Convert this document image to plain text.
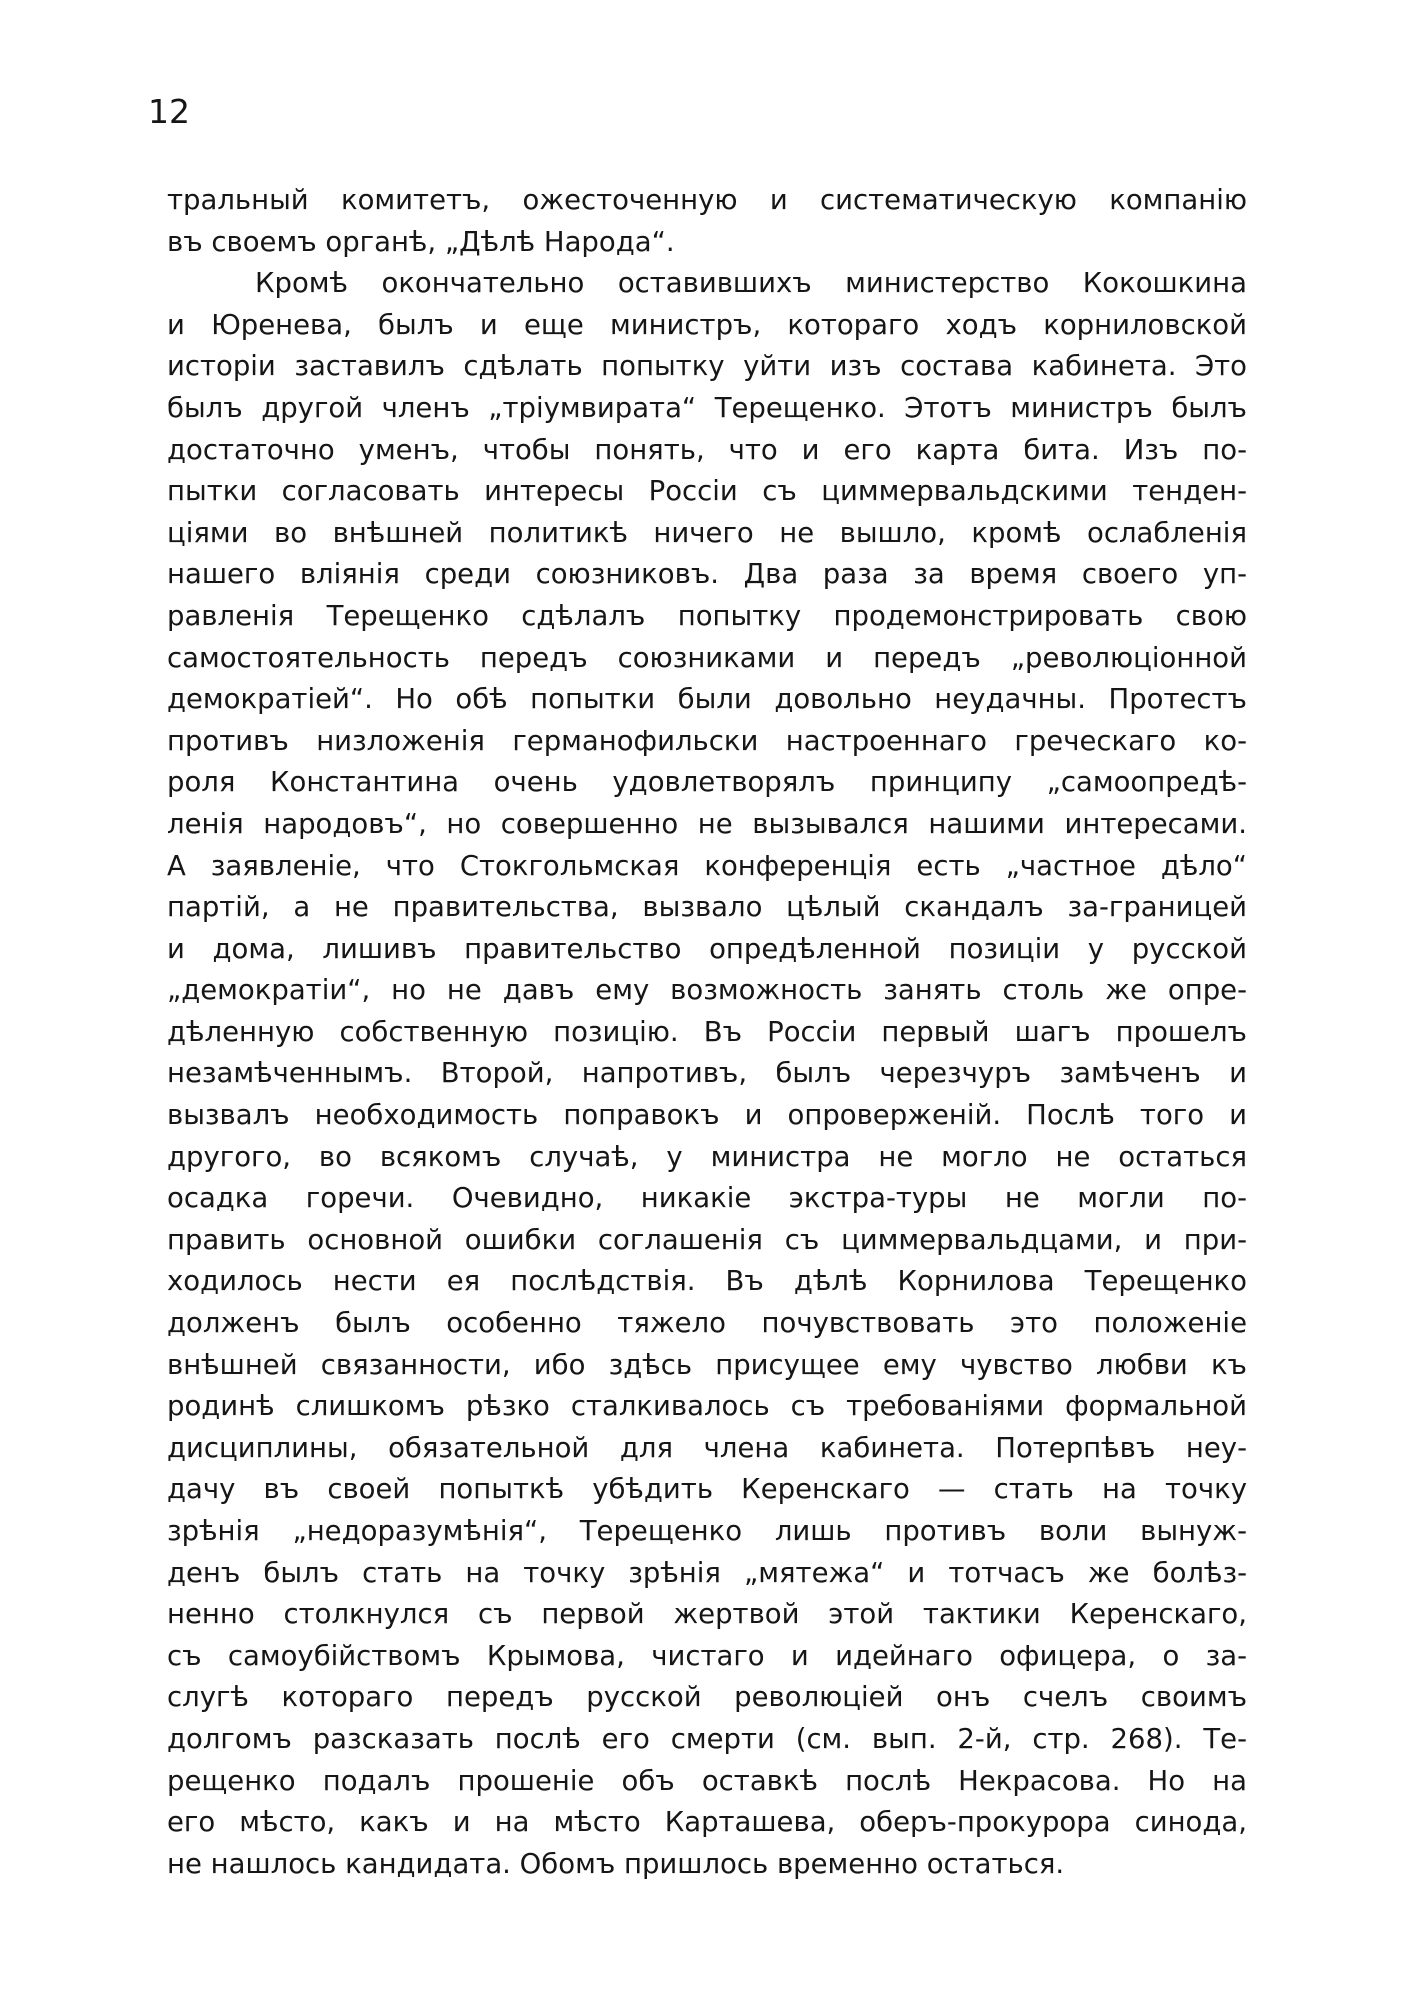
12

тральный комитетъ, ожесточенную и систематическую компанію
въ своемъ органѣ, „Дѣлѣ Народа“.
Кромѣ окончательно оставившихъ министерство Кокошкина
и Юренева, былъ и еще министръ, котораго ходъ корниловской
исторіи заставилъ сдѣлать попытку уйти изъ состава кабинета. Это
былъ другой членъ „тріумвирата“ Терещенко. Этотъ министръ былъ
достаточно уменъ, чтобы понять, что и его карта бита. Изъ по-
пытки согласовать интересы Россіи съ циммервальдскими тенден-
ціями во внѣшней политикѣ ничего не вышло, кромѣ ослабленія
нашего вліянія среди союзниковъ. Два раза за время своего уп-
равленія Терещенко сдѣлалъ попытку продемонстрировать свою
самостоятельность передъ союзниками и передъ „революціонной
демократіей“. Но обѣ попытки были довольно неудачны. Протестъ
противъ низложенія германофильски настроеннаго греческаго ко-
роля Константина очень удовлетворялъ принципу „самоопредѣ-
ленія народовъ“, но совершенно не вызывался нашими интересами.
А заявленіе, что Стокгольмская конференція есть „частное дѣло“
партій, а не правительства, вызвало цѣлый скандалъ за-границей
и дома, лишивъ правительство опредѣленной позиціи у русской
„демократіи“, но не давъ ему возможность занять столь же опре-
дѣленную собственную позицію. Въ Россіи первый шагъ прошелъ
незамѣченнымъ. Второй, напротивъ, былъ черезчуръ замѣченъ и
вызвалъ необходимость поправокъ и опроверженій. Послѣ того и
другого, во всякомъ случаѣ, у министра не могло не остаться
осадка горечи. Очевидно, никакіе экстра-туры не могли по-
править основной ошибки соглашенія съ циммервальдцами, и при-
ходилось нести ея послѣдствія. Въ дѣлѣ Корнилова Терещенко
долженъ былъ особенно тяжело почувствовать это положеніе
внѣшней связанности, ибо здѣсь присущее ему чувство любви къ
родинѣ слишкомъ рѣзко сталкивалось съ требованіями формальной
дисциплины, обязательной для члена кабинета. Потерпѣвъ неу-
дачу въ своей попыткѣ убѣдить Керенскаго — стать на точку
зрѣнія „недоразумѣнія“, Терещенко лишь противъ воли вынуж-
денъ былъ стать на точку зрѣнія „мятежа“ и тотчасъ же болѣз-
ненно столкнулся съ первой жертвой этой тактики Керенскаго,
съ самоубійствомъ Крымова, чистаго и идейнаго офицера, о за-
слугѣ котораго передъ русской революціей онъ счелъ своимъ
долгомъ разсказать послѣ его смерти (см. вып. 2-й, стр. 268). Те-
рещенко подалъ прошеніе объ оставкѣ послѣ Некрасова. Но на
его мѣсто, какъ и на мѣсто Карташева, оберъ-прокурора синода,
не нашлось кандидата. Обомъ пришлось временно остаться.
